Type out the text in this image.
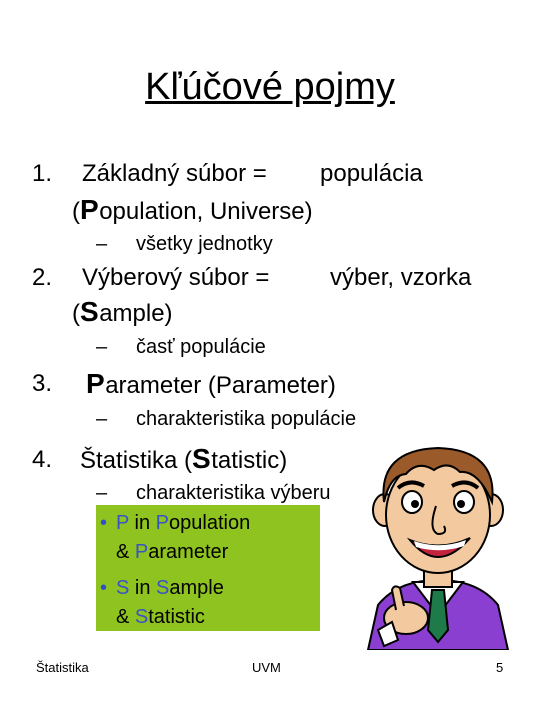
Kľúčové pojmy
1. Základný súbor = populácia
(Population, Universe)
– všetky jednotky
2. Výberový súbor =	výber, vzorka
(Sample)
– časť populácie
3. Parameter (Parameter)
– charakteristika populácie
4. Štatistika (Statistic)
– charakteristika výberu
• P in Population
& Parameter
• S in Sample
& Statistic
Štatistika	UVM	5
